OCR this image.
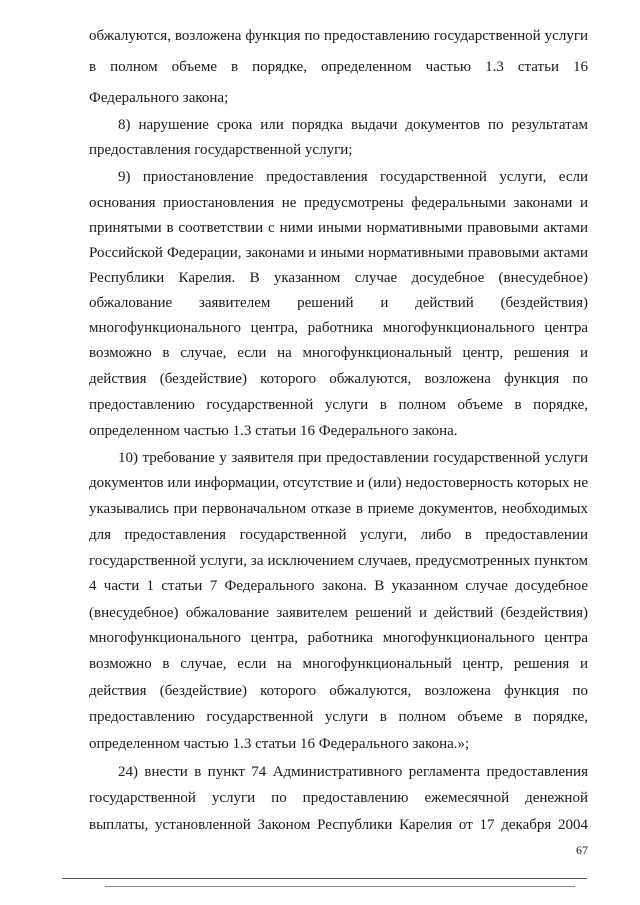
обжалуются, возложена функция по предоставлению государственной услуги
в полном объеме в порядке, определенном частью 1.3 статьи 16
Федерального закона;
8) нарушение срока или порядка выдачи документов по результатам
предоставления государственной услуги;
9) приостановление предоставления государственной услуги, если
основания приостановления не предусмотрены федеральными законами и
принятыми в соответствии с ними иными нормативными правовыми актами
Российской Федерации, законами и иными нормативными правовыми актами
Республики Карелия. В указанном случае досудебное (внесудебное)
обжалование заявителем решений и действий (бездействия)
многофункционального центра, работника многофункционального центра
возможно в случае, если на многофункциональный центр, решения и
действия (бездействие) которого обжалуются, возложена функция по
предоставлению государственной услуги в полном объеме в порядке,
определенном частью 1.3 статьи 16 Федерального закона.
10) требование у заявителя при предоставлении государственной услуги
документов или информации, отсутствие и (или) недостоверность которых не
указывались при первоначальном отказе в приеме документов, необходимых
для предоставления государственной услуги, либо в предоставлении
государственной услуги, за исключением случаев, предусмотренных пунктом
4 части 1 статьи 7 Федерального закона. В указанном случае досудебное
(внесудебное) обжалование заявителем решений и действий (бездействия)
многофункционального центра, работника многофункционального центра
возможно в случае, если на многофункциональный центр, решения и
действия (бездействие) которого обжалуются, возложена функция по
предоставлению государственной услуги в полном объеме в порядке,
определенном частью 1.3 статьи 16 Федерального закона.»;
24) внести в пункт 74 Административного регламента предоставления
государственной услуги по предоставлению ежемесячной денежной
выплаты, установленной Законом Республики Карелия от 17 декабря 2004
67
